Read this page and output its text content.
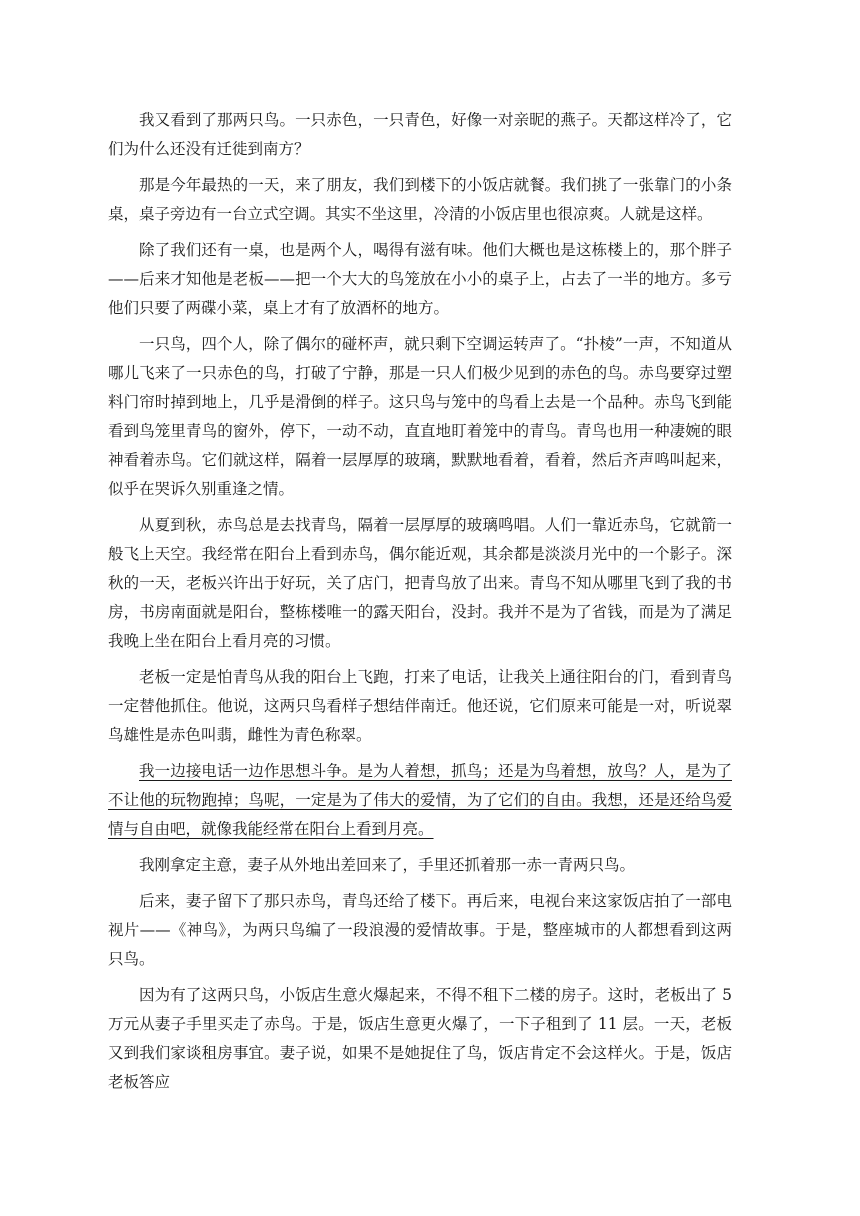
我又看到了那两只鸟。一只赤色，一只青色，好像一对亲昵的燕子。天都这样冷了，它们为什么还没有迁徙到南方？

那是今年最热的一天，来了朋友，我们到楼下的小饭店就餐。我们挑了一张靠门的小条桌，桌子旁边有一台立式空调。其实不坐这里，冷清的小饭店里也很凉爽。人就是这样。

除了我们还有一桌，也是两个人，喝得有滋有味。他们大概也是这栋楼上的，那个胖子——后来才知他是老板——把一个大大的鸟笼放在小小的桌子上，占去了一半的地方。多亏他们只要了两碟小菜，桌上才有了放酒杯的地方。

一只鸟，四个人，除了偶尔的碰杯声，就只剩下空调运转声了。“扑棱”一声，不知道从哪儿飞来了一只赤色的鸟，打破了宁静，那是一只人们极少见到的赤色的鸟。赤鸟要穿过塑料门帘时掉到地上，几乎是滑倒的样子。这只鸟与笼中的鸟看上去是一个品种。赤鸟飞到能看到鸟笼里青鸟的窗外，停下，一动不动，直直地盯着笼中的青鸟。青鸟也用一种凄婉的眼神看着赤鸟。它们就这样，隔着一层厚厚的玻璃，默默地看着，看着，然后齐声鸣叫起来，似乎在哭诉久别重逢之情。

从夏到秋，赤鸟总是去找青鸟，隔着一层厚厚的玻璃鸣唱。人们一靠近赤鸟，它就箭一般飞上天空。我经常在阳台上看到赤鸟，偶尔能近观，其余都是淡淡月光中的一个影子。深秋的一天，老板兴许出于好玩，关了店门，把青鸟放了出来。青鸟不知从哪里飞到了我的书房，书房南面就是阳台，整栋楼唯一的露天阳台，没封。我并不是为了省钱，而是为了满足我晚上坐在阳台上看月亮的习惯。

老板一定是怕青鸟从我的阳台上飞跑，打来了电话，让我关上通往阳台的门，看到青鸟一定替他抓住。他说，这两只鸟看样子想结伴南迁。他还说，它们原来可能是一对，听说翠鸟雄性是赤色叫翡，雌性为青色称翠。

我一边接电话一边作思想斗争。是为人着想，抓鸟；还是为鸟着想，放鸟？人，是为了不让他的玩物跑掉；鸟呢，一定是为了伟大的爱情，为了它们的自由。我想，还是还给鸟爱情与自由吧，就像我能经常在阳台上看到月亮。

我刚拿定主意，妻子从外地出差回来了，手里还抓着那一赤一青两只鸟。

后来，妻子留下了那只赤鸟，青鸟还给了楼下。再后来，电视台来这家饭店拍了一部电视片——《神鸟》，为两只鸟编了一段浪漫的爱情故事。于是，整座城市的人都想看到这两只鸟。

因为有了这两只鸟，小饭店生意火爆起来，不得不租下二楼的房子。这时，老板出了 5 万元从妻子手里买走了赤鸟。于是，饭店生意更火爆了，一下子租到了 11 层。一天，老板又到我们家谈租房事宜。妻子说，如果不是她捉住了鸟，饭店肯定不会这样火。于是，饭店老板答应
